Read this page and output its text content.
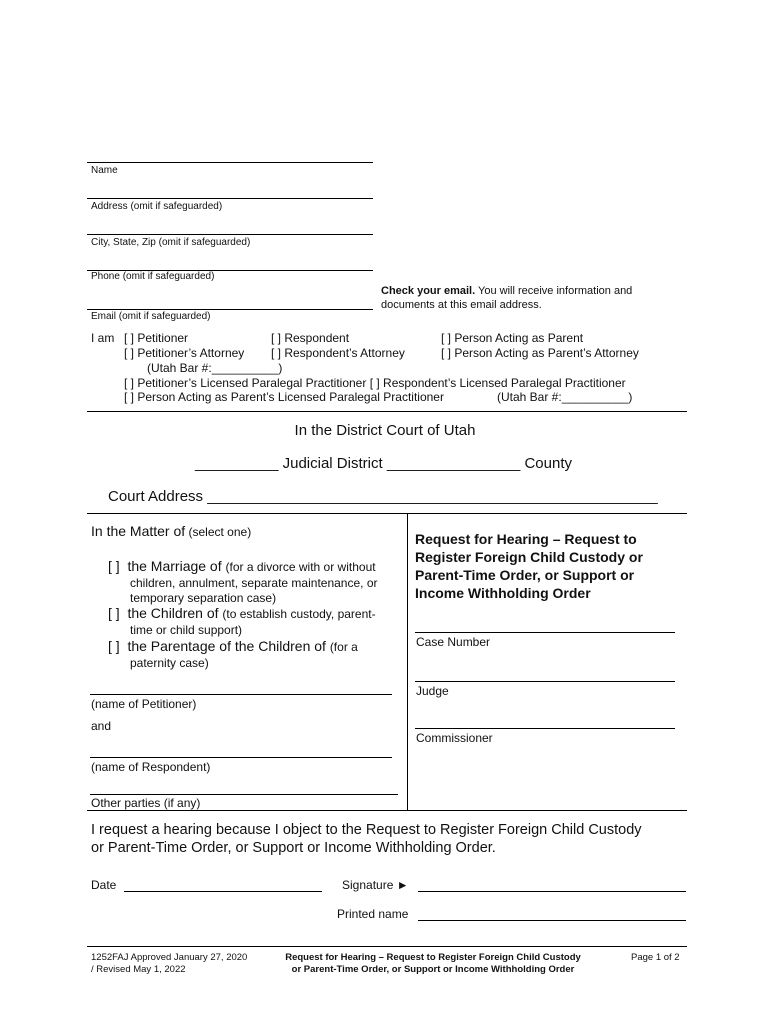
Name
Address (omit if safeguarded)
City, State, Zip (omit if safeguarded)
Phone (omit if safeguarded)
Email (omit if safeguarded)
Check your email. You will receive information and
documents at this email address.
I am [ ] Petitioner	[ ] Respondent	[ ] Person Acting as Parent
[ ] Petitioner’s Attorney [ ] Respondent’s Attorney	[ ] Person Acting as Parent’s Attorney
(Utah Bar #:__________)
[ ] Petitioner’s Licensed Paralegal Practitioner [ ] Respondent’s Licensed Paralegal Practitioner
[ ] Person Acting as Parent’s Licensed Paralegal Practitioner	(Utah Bar #:__________)
In the District Court of Utah
__________ Judicial District ________________ County
Court Address ______________________________________________________
In the Matter of (select one)
[ ] the Marriage of (for a divorce with or without
children, annulment, separate maintenance, or
temporary separation case)
[ ] the Children of (to establish custody, parent-
time or child support)
[ ] the Parentage of the Children of (for a
paternity case)
(name of Petitioner)
and
(name of Respondent)
Other parties (if any)
Request for Hearing – Request to
Register Foreign Child Custody or
Parent-Time Order, or Support or
Income Withholding Order
Case Number
Judge
Commissioner
I request a hearing because I object to the Request to Register Foreign Child Custody
or Parent-Time Order, or Support or Income Withholding Order.
Date	Signature ►
Printed name
1252FAJ Approved January 27, 2020
/ Revised May 1, 2022
Request for Hearing – Request to Register Foreign Child Custody
or Parent-Time Order, or Support or Income Withholding Order
Page 1 of 2
